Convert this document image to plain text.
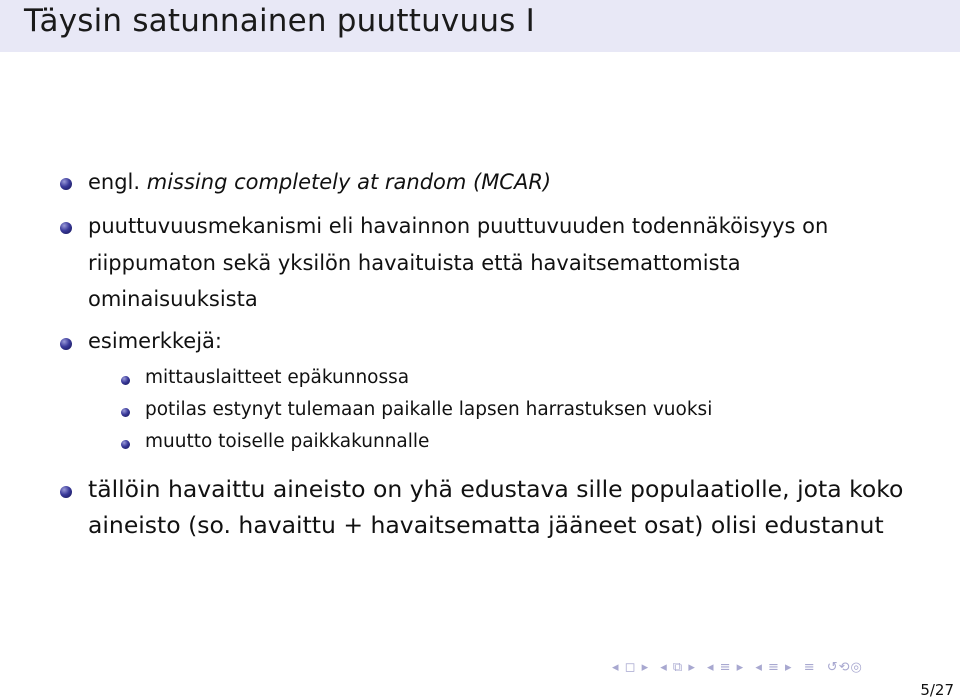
Täysin satunnainen puuttuvuus I
engl. missing completely at random (MCAR)
puuttuvuusmekanismi eli havainnon puuttuvuuden todennäköisyys on
riippumaton sekä yksilön havaituista että havaitsemattomista
ominaisuuksista
esimerkkejä:
mittauslaitteet epäkunnossa
potilas estynyt tulemaan paikalle lapsen harrastuksen vuoksi
muutto toiselle paikkakunnalle
tällöin havaittu aineisto on yhä edustava sille populaatiolle, jota koko
aineisto (so. havaittu + havaitsematta jääneet osat) olisi edustanut
◂ ◻ ▸ ◂ ⧉ ▸ ◂ ≡ ▸ ◂ ≡ ▸ ≡ ↺⟲◎
5/27
